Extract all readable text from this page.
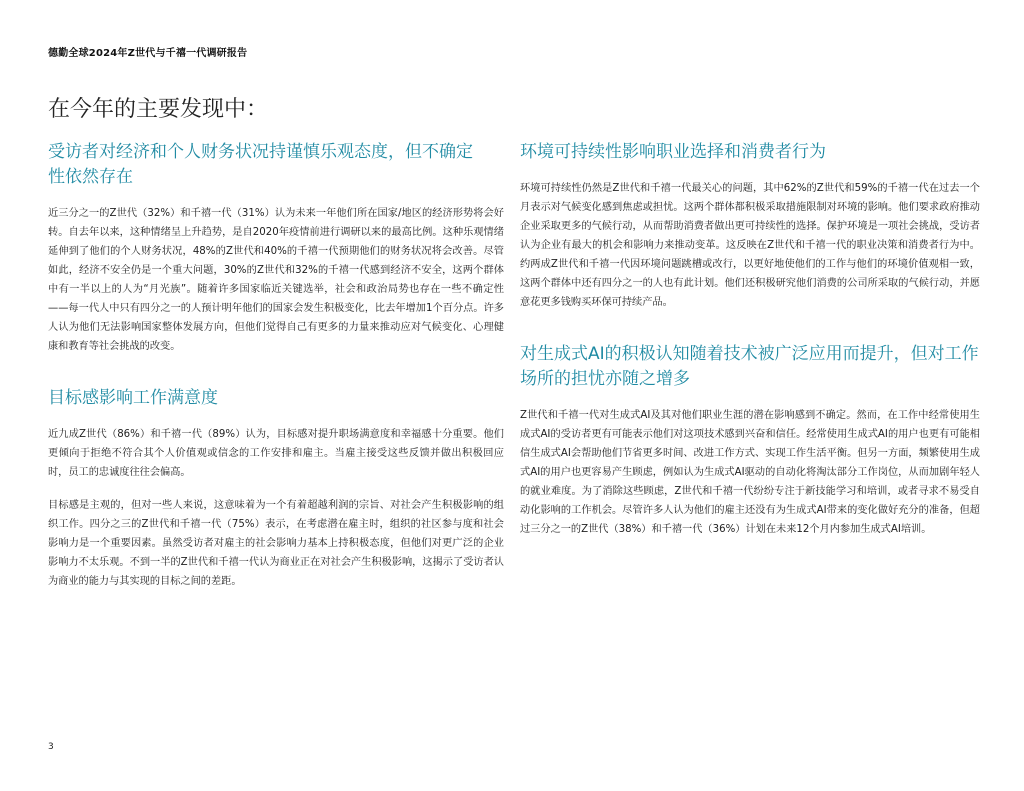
德勤全球2024年Z世代与千禧一代调研报告
在今年的主要发现中：
受访者对经济和个人财务状况持谨慎乐观态度，但不确定性依然存在

近三分之一的Z世代（32%）和千禧一代（31%）认为未来一年他们所在国家/地区的经济形势将会好转。自去年以来，这种情绪呈上升趋势，是自2020年疫情前进行调研以来的最高比例。这种乐观情绪延伸到了他们的个人财务状况，48%的Z世代和40%的千禧一代预期他们的财务状况将会改善。尽管如此，经济不安全仍是一个重大问题，30%的Z世代和32%的千禧一代感到经济不安全，这两个群体中有一半以上的人为“月光族”。随着许多国家临近关键选举，社会和政治局势也存在一些不确定性——每一代人中只有四分之一的人预计明年他们的国家会发生积极变化，比去年增加1个百分点。许多人认为他们无法影响国家整体发展方向，但他们觉得自己有更多的力量来推动应对气候变化、心理健康和教育等社会挑战的改变。

目标感影响工作满意度

近九成Z世代（86%）和千禧一代（89%）认为，目标感对提升职场满意度和幸福感十分重要。他们更倾向于拒绝不符合其个人价值观或信念的工作安排和雇主。当雇主接受这些反馈并做出积极回应时，员工的忠诚度往往会偏高。

目标感是主观的，但对一些人来说，这意味着为一个有着超越利润的宗旨、对社会产生积极影响的组织工作。四分之三的Z世代和千禧一代（75%）表示，在考虑潜在雇主时，组织的社区参与度和社会影响力是一个重要因素。虽然受访者对雇主的社会影响力基本上持积极态度，但他们对更广泛的企业影响力不太乐观。不到一半的Z世代和千禧一代认为商业正在对社会产生积极影响，这揭示了受访者认为商业的能力与其实现的目标之间的差距。

环境可持续性影响职业选择和消费者行为

环境可持续性仍然是Z世代和千禧一代最关心的问题，其中62%的Z世代和59%的千禧一代在过去一个月表示对气候变化感到焦虑或担忧。这两个群体都积极采取措施限制对环境的影响。他们要求政府推动企业采取更多的气候行动，从而帮助消费者做出更可持续性的选择。保护环境是一项社会挑战，受访者认为企业有最大的机会和影响力来推动变革。这反映在Z世代和千禧一代的职业决策和消费者行为中。约两成Z世代和千禧一代因环境问题跳槽或改行，以更好地使他们的工作与他们的环境价值观相一致，这两个群体中还有四分之一的人也有此计划。他们还积极研究他们消费的公司所采取的气候行动，并愿意花更多钱购买环保可持续产品。

对生成式AI的积极认知随着技术被广泛应用而提升，但对工作场所的担忧亦随之增多

Z世代和千禧一代对生成式AI及其对他们职业生涯的潜在影响感到不确定。然而，在工作中经常使用生成式AI的受访者更有可能表示他们对这项技术感到兴奋和信任。经常使用生成式AI的用户也更有可能相信生成式AI会帮助他们节省更多时间、改进工作方式、实现工作生活平衡。但另一方面，频繁使用生成式AI的用户也更容易产生顾虑，例如认为生成式AI驱动的自动化将淘汰部分工作岗位，从而加剧年轻人的就业难度。为了消除这些顾虑，Z世代和千禧一代纷纷专注于新技能学习和培训，或者寻求不易受自动化影响的工作机会。尽管许多人认为他们的雇主还没有为生成式AI带来的变化做好充分的准备，但超过三分之一的Z世代（38%）和千禧一代（36%）计划在未来12个月内参加生成式AI培训。

3
